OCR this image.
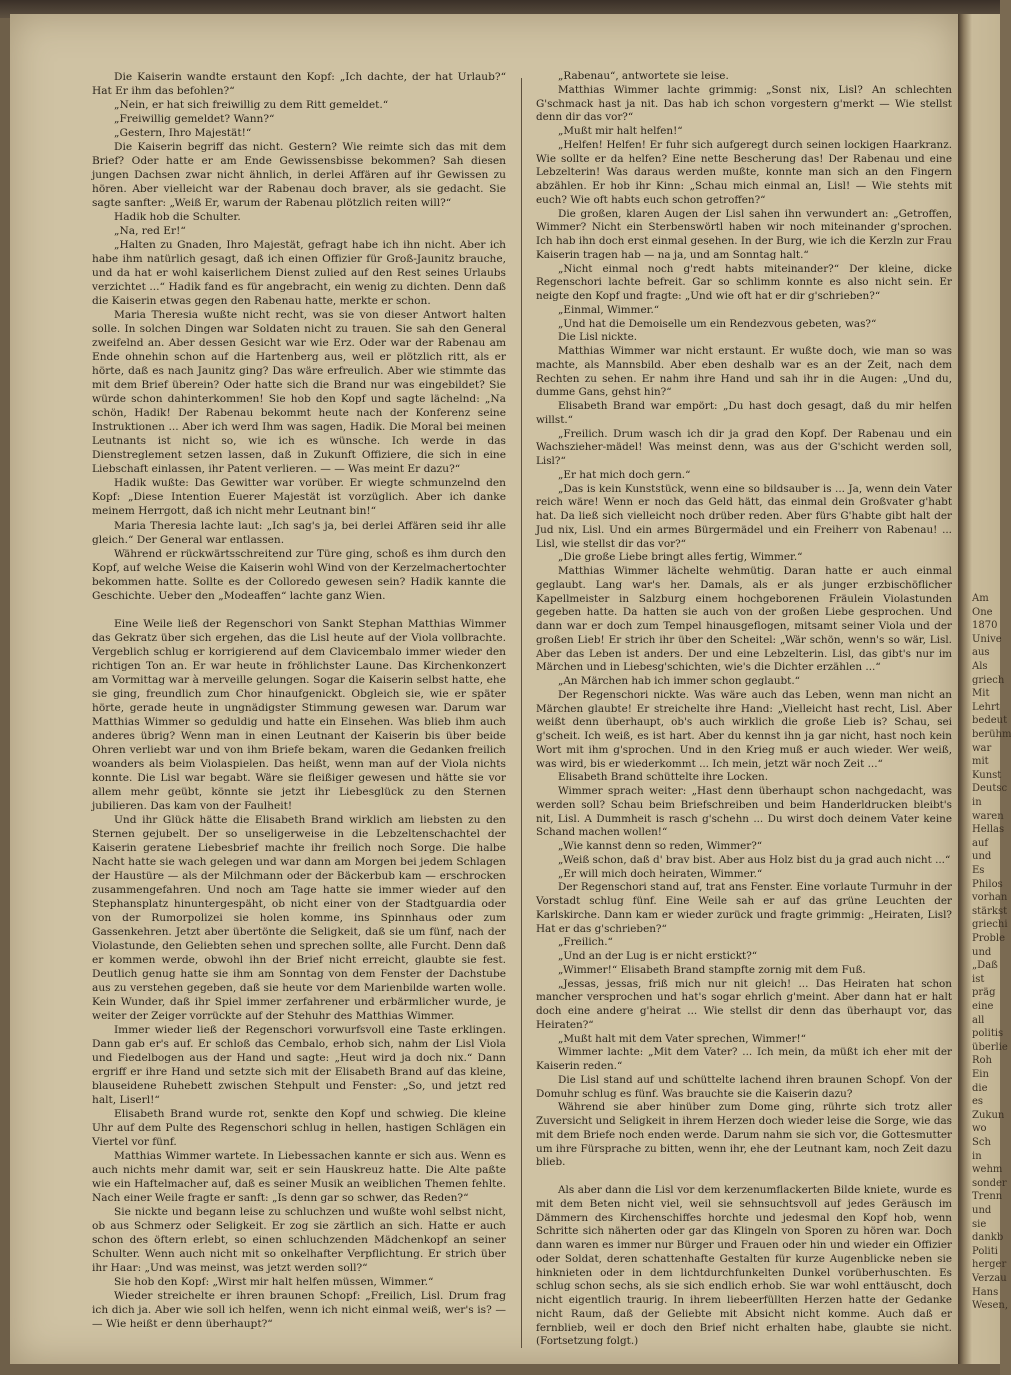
Die Kaiserin wandte erstaunt den Kopf: „Ich dachte, der hat Urlaub?“ Hat Er ihm das befohlen?“

„Nein, er hat sich freiwillig zu dem Ritt gemeldet.“

„Freiwillig gemeldet? Wann?“

„Gestern, Ihro Majestät!“

Die Kaiserin begriff das nicht. Gestern? Wie reimte sich das mit dem Brief? Oder hatte er am Ende Gewissensbisse bekommen? Sah diesen jungen Dachsen zwar nicht ähnlich, in derlei Affären auf ihr Gewissen zu hören. Aber vielleicht war der Rabenau doch braver, als sie gedacht. Sie sagte sanfter: „Weiß Er, warum der Rabenau plötzlich reiten will?“

Hadik hob die Schulter.

„Na, red Er!“

„Halten zu Gnaden, Ihro Majestät, gefragt habe ich ihn nicht. Aber ich habe ihm natürlich gesagt, daß ich einen Offizier für Groß-Jaunitz brauche, und da hat er wohl kaiserlichem Dienst zulied auf den Rest seines Urlaubs verzichtet ...“ Hadik fand es für angebracht, ein wenig zu dichten. Denn daß die Kaiserin etwas gegen den Rabenau hatte, merkte er schon.

Maria Theresia wußte nicht recht, was sie von dieser Antwort halten solle. In solchen Dingen war Soldaten nicht zu trauen. Sie sah den General zweifelnd an. Aber dessen Gesicht war wie Erz. Oder war der Rabenau am Ende ohnehin schon auf die Hartenberg aus, weil er plötzlich ritt, als er hörte, daß es nach Jaunitz ging? Das wäre erfreulich. Aber wie stimmte das mit dem Brief überein? Oder hatte sich die Brand nur was eingebildet? Sie würde schon dahinterkommen! Sie hob den Kopf und sagte lächelnd: „Na schön, Hadik! Der Rabenau bekommt heute nach der Konferenz seine Instruktionen ... Aber ich werd Ihm was sagen, Hadik. Die Moral bei meinen Leutnants ist nicht so, wie ich es wünsche. Ich werde in das Dienstreglement setzen lassen, daß in Zukunft Offiziere, die sich in eine Liebschaft einlassen, ihr Patent verlieren. — — Was meint Er dazu?“

Hadik wußte: Das Gewitter war vorüber. Er wiegte schmunzelnd den Kopf: „Diese Intention Euerer Majestät ist vorzüglich. Aber ich danke meinem Herrgott, daß ich nicht mehr Leutnant bin!“

Maria Theresia lachte laut: „Ich sag's ja, bei derlei Affären seid ihr alle gleich.“ Der General war entlassen.

Während er rückwärtsschreitend zur Türe ging, schoß es ihm durch den Kopf, auf welche Weise die Kaiserin wohl Wind von der Kerzelmachertochter bekommen hatte. Sollte es der Colloredo gewesen sein? Hadik kannte die Geschichte. Ueber den „Modeaffen“ lachte ganz Wien.

Eine Weile ließ der Regenschori von Sankt Stephan Matthias Wimmer das Gekratz über sich ergehen, das die Lisl heute auf der Viola vollbrachte. Vergeblich schlug er korrigierend auf dem Clavicembalo immer wieder den richtigen Ton an. Er war heute in fröhlichster Laune. Das Kirchenkonzert am Vormittag war à merveille gelungen. Sogar die Kaiserin selbst hatte, ehe sie ging, freundlich zum Chor hinaufgenickt. Obgleich sie, wie er später hörte, gerade heute in ungnädigster Stimmung gewesen war. Darum war Matthias Wimmer so geduldig und hatte ein Einsehen. Was blieb ihm auch anderes übrig? Wenn man in einen Leutnant der Kaiserin bis über beide Ohren verliebt war und von ihm Briefe bekam, waren die Gedanken freilich woanders als beim Violaspielen. Das heißt, wenn man auf der Viola nichts konnte. Die Lisl war begabt. Wäre sie fleißiger gewesen und hätte sie vor allem mehr geübt, könnte sie jetzt ihr Liebesglück zu den Sternen jubilieren. Das kam von der Faulheit!

Und ihr Glück hätte die Elisabeth Brand wirklich am liebsten zu den Sternen gejubelt. Der so unseligerweise in die Lebzeltenschachtel der Kaiserin geratene Liebesbrief machte ihr freilich noch Sorge. Die halbe Nacht hatte sie wach gelegen und war dann am Morgen bei jedem Schlagen der Haustüre — als der Milchmann oder der Bäckerbub kam — erschrocken zusammengefahren. Und noch am Tage hatte sie immer wieder auf den Stephansplatz hinuntergespäht, ob nicht einer von der Stadtguardia oder von der Rumorpolizei sie holen komme, ins Spinnhaus oder zum Gassenkehren. Jetzt aber übertönte die Seligkeit, daß sie um fünf, nach der Violastunde, den Geliebten sehen und sprechen sollte, alle Furcht. Denn daß er kommen werde, obwohl ihn der Brief nicht erreicht, glaubte sie fest. Deutlich genug hatte sie ihm am Sonntag von dem Fenster der Dachstube aus zu verstehen gegeben, daß sie heute vor dem Marienbilde warten wolle. Kein Wunder, daß ihr Spiel immer zerfahrener und erbärmlicher wurde, je weiter der Zeiger vorrückte auf der Stehuhr des Matthias Wimmer.

Immer wieder ließ der Regenschori vorwurfsvoll eine Taste erklingen. Dann gab er's auf. Er schloß das Cembalo, erhob sich, nahm der Lisl Viola und Fiedelbogen aus der Hand und sagte: „Heut wird ja doch nix.“ Dann ergriff er ihre Hand und setzte sich mit der Elisabeth Brand auf das kleine, blauseidene Ruhebett zwischen Stehpult und Fenster: „So, und jetzt red halt, Liserl!“

Elisabeth Brand wurde rot, senkte den Kopf und schwieg. Die kleine Uhr auf dem Pulte des Regenschori schlug in hellen, hastigen Schlägen ein Viertel vor fünf.

Matthias Wimmer wartete. In Liebessachen kannte er sich aus. Wenn es auch nichts mehr damit war, seit er sein Hauskreuz hatte. Die Alte paßte wie ein Haftelmacher auf, daß es seiner Musik an weiblichen Themen fehlte. Nach einer Weile fragte er sanft: „Is denn gar so schwer, das Reden?“

Sie nickte und begann leise zu schluchzen und wußte wohl selbst nicht, ob aus Schmerz oder Seligkeit. Er zog sie zärtlich an sich. Hatte er auch schon des öftern erlebt, so einen schluchzenden Mädchenkopf an seiner Schulter. Wenn auch nicht mit so onkelhafter Verpflichtung. Er strich über ihr Haar: „Und was meinst, was jetzt werden soll?“

Sie hob den Kopf: „Wirst mir halt helfen müssen, Wimmer.“

Wieder streichelte er ihren braunen Schopf: „Freilich, Lisl. Drum frag ich dich ja. Aber wie soll ich helfen, wenn ich nicht einmal weiß, wer's is? — — Wie heißt er denn überhaupt?“

„Rabenau“, antwortete sie leise.

Matthias Wimmer lachte grimmig: „Sonst nix, Lisl? An schlechten G'schmack hast ja nit. Das hab ich schon vorgestern g'merkt — Wie stellst denn dir das vor?“

„Mußt mir halt helfen!“

„Helfen! Helfen! Er fuhr sich aufgeregt durch seinen lockigen Haarkranz. Wie sollte er da helfen? Eine nette Bescherung das! Der Rabenau und eine Lebzelterin! Was daraus werden mußte, konnte man sich an den Fingern abzählen. Er hob ihr Kinn: „Schau mich einmal an, Lisl! — Wie stehts mit euch? Wie oft habts euch schon getroffen?“

Die großen, klaren Augen der Lisl sahen ihn verwundert an: „Getroffen, Wimmer? Nicht ein Sterbenswörtl haben wir noch miteinander g'sprochen. Ich hab ihn doch erst einmal gesehen. In der Burg, wie ich die Kerzln zur Frau Kaiserin tragen hab — na ja, und am Sonntag halt.“

„Nicht einmal noch g'redt habts miteinander?“ Der kleine, dicke Regenschori lachte befreit. Gar so schlimm konnte es also nicht sein. Er neigte den Kopf und fragte: „Und wie oft hat er dir g'schrieben?“

„Einmal, Wimmer.“

„Und hat die Demoiselle um ein Rendezvous gebeten, was?“

Die Lisl nickte.

Matthias Wimmer war nicht erstaunt. Er wußte doch, wie man so was machte, als Mannsbild. Aber eben deshalb war es an der Zeit, nach dem Rechten zu sehen. Er nahm ihre Hand und sah ihr in die Augen: „Und du, dumme Gans, gehst hin?“

Elisabeth Brand war empört: „Du hast doch gesagt, daß du mir helfen willst.“

„Freilich. Drum wasch ich dir ja grad den Kopf. Der Rabenau und ein Wachszieher-mädel! Was meinst denn, was aus der G'schicht werden soll, Lisl?“

„Er hat mich doch gern.“

„Das is kein Kunststück, wenn eine so bildsauber is ... Ja, wenn dein Vater reich wäre! Wenn er noch das Geld hätt, das einmal dein Großvater g'habt hat. Da ließ sich vielleicht noch drüber reden. Aber fürs G'habte gibt halt der Jud nix, Lisl. Und ein armes Bürgermädel und ein Freiherr von Rabenau! ... Lisl, wie stellst dir das vor?“

„Die große Liebe bringt alles fertig, Wimmer.“

Matthias Wimmer lächelte wehmütig. Daran hatte er auch einmal geglaubt. Lang war's her. Damals, als er als junger erzbischöflicher Kapellmeister in Salzburg einem hochgeborenen Fräulein Violastunden gegeben hatte. Da hatten sie auch von der großen Liebe gesprochen. Und dann war er doch zum Tempel hinausgeflogen, mitsamt seiner Viola und der großen Lieb! Er strich ihr über den Scheitel: „Wär schön, wenn's so wär, Lisl. Aber das Leben ist anders. Der und eine Lebzelterin. Lisl, das gibt's nur im Märchen und in Liebesg'schichten, wie's die Dichter erzählen ...“

„An Märchen hab ich immer schon geglaubt.“

Der Regenschori nickte. Was wäre auch das Leben, wenn man nicht an Märchen glaubte! Er streichelte ihre Hand: „Vielleicht hast recht, Lisl. Aber weißt denn überhaupt, ob's auch wirklich die große Lieb is? Schau, sei g'scheit. Ich weiß, es ist hart. Aber du kennst ihn ja gar nicht, hast noch kein Wort mit ihm g'sprochen. Und in den Krieg muß er auch wieder. Wer weiß, was wird, bis er wiederkommt ... Ich mein, jetzt wär noch Zeit ...“

Elisabeth Brand schüttelte ihre Locken.

Wimmer sprach weiter: „Hast denn überhaupt schon nachgedacht, was werden soll? Schau beim Briefschreiben und beim Handerldrucken bleibt's nit, Lisl. A Dummheit is rasch g'schehn ... Du wirst doch deinem Vater keine Schand machen wollen!“

„Wie kannst denn so reden, Wimmer?“

„Weiß schon, daß d' brav bist. Aber aus Holz bist du ja grad auch nicht ...“

„Er will mich doch heiraten, Wimmer.“

Der Regenschori stand auf, trat ans Fenster. Eine vorlaute Turmuhr in der Vorstadt schlug fünf. Eine Weile sah er auf das grüne Leuchten der Karlskirche. Dann kam er wieder zurück und fragte grimmig: „Heiraten, Lisl? Hat er das g'schrieben?“

„Freilich.“

„Und an der Lug is er nicht erstickt?“

„Wimmer!“ Elisabeth Brand stampfte zornig mit dem Fuß.

„Jessas, jessas, friß mich nur nit gleich! ... Das Heiraten hat schon mancher versprochen und hat's sogar ehrlich g'meint. Aber dann hat er halt doch eine andere g'heirat ... Wie stellst dir denn das überhaupt vor, das Heiraten?“

„Mußt halt mit dem Vater sprechen, Wimmer!“

Wimmer lachte: „Mit dem Vater? ... Ich mein, da müßt ich eher mit der Kaiserin reden.“

Die Lisl stand auf und schüttelte lachend ihren braunen Schopf. Von der Domuhr schlug es fünf. Was brauchte sie die Kaiserin dazu?

Während sie aber hinüber zum Dome ging, rührte sich trotz aller Zuversicht und Seligkeit in ihrem Herzen doch wieder leise die Sorge, wie das mit dem Briefe noch enden werde. Darum nahm sie sich vor, die Gottesmutter um ihre Fürsprache zu bitten, wenn ihr, ehe der Leutnant kam, noch Zeit dazu blieb.

Als aber dann die Lisl vor dem kerzenumflackerten Bilde kniete, wurde es mit dem Beten nicht viel, weil sie sehnsuchtsvoll auf jedes Geräusch im Dämmern des Kirchenschiffes horchte und jedesmal den Kopf hob, wenn Schritte sich näherten oder gar das Klingeln von Sporen zu hören war. Doch dann waren es immer nur Bürger und Frauen oder hin und wieder ein Offizier oder Soldat, deren schattenhafte Gestalten für kurze Augenblicke neben sie hinknieten oder in dem lichtdurchfunkelten Dunkel vorüberhuschten. Es schlug schon sechs, als sie sich endlich erhob. Sie war wohl enttäuscht, doch nicht eigentlich traurig. In ihrem liebeerfüllten Herzen hatte der Gedanke nicht Raum, daß der Geliebte mit Absicht nicht komme. Auch daß er fernblieb, weil er doch den Brief nicht erhalten habe, glaubte sie nicht. (Fortsetzung folgt.)

Am
One
1870
Unive
aus
Als
griech
Mit
Lehrt
bedeut
berühm
war
mit
Kunst
Deutsc
in
waren
Hellas
auf
und
Es
Philos
vorhan
stärkst
griechi
Proble
und
„Daß
ist
präg
eine
all
politis
überlie
Roh
Ein
die
es
Zukun
wo
Sch
in
wehm
sonder
Trenn
und
sie
dankb
Politi
herger
Verzau
Hans
Wesen,
